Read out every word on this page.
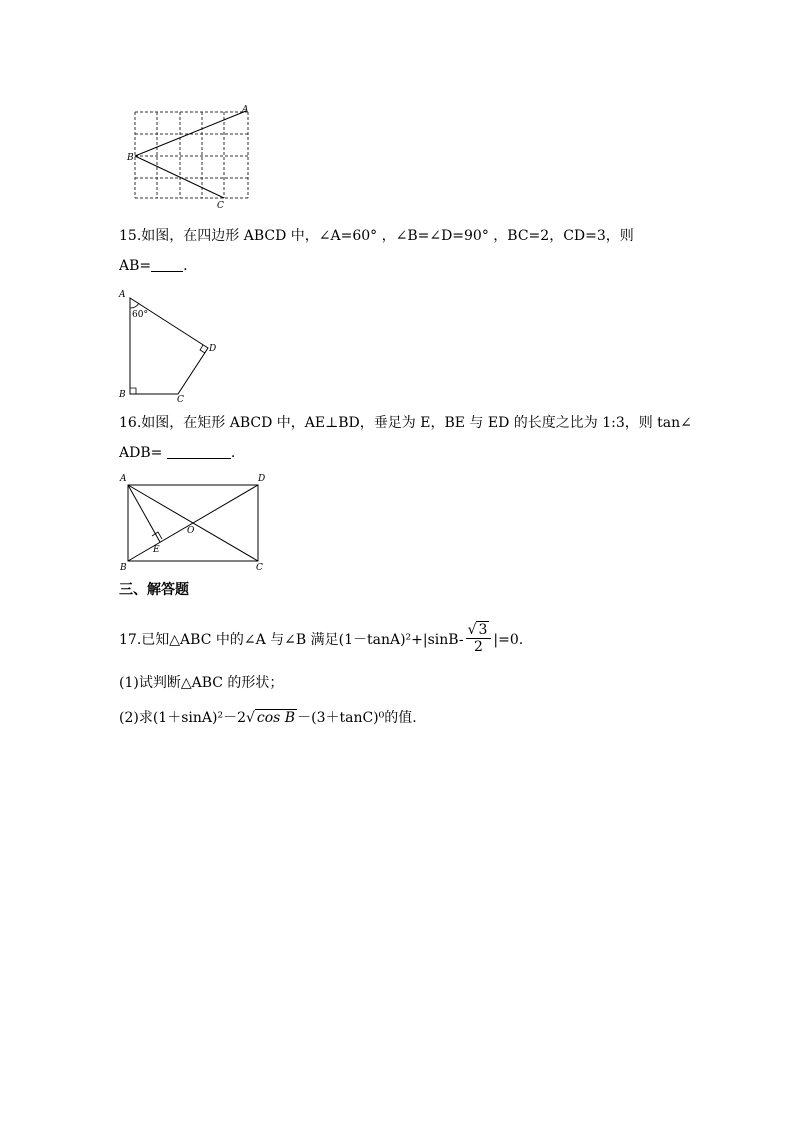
A
B
C
15.如图，在四边形 ABCD 中，∠A=60° ，∠B=∠D=90° ，BC=2，CD=3，则
AB= .
A
60°
D
B	C
16.如图，在矩形 ABCD 中，AE⊥BD，垂足为 E，BE 与 ED 的长度之比为 1:3，则 tan∠
ADB=	.
A	D
O
E
B	C
三、解答题
17.已知△ABC 中的∠A 与∠B 满足$(1-\tan A)^2+|\sin B- \frac{√ 3}{2} |=0$.
(1)试判断△ABC 的形状；
(2)求(1＋sinA)²－2√ cos B －(3＋tanC)⁰的值.
